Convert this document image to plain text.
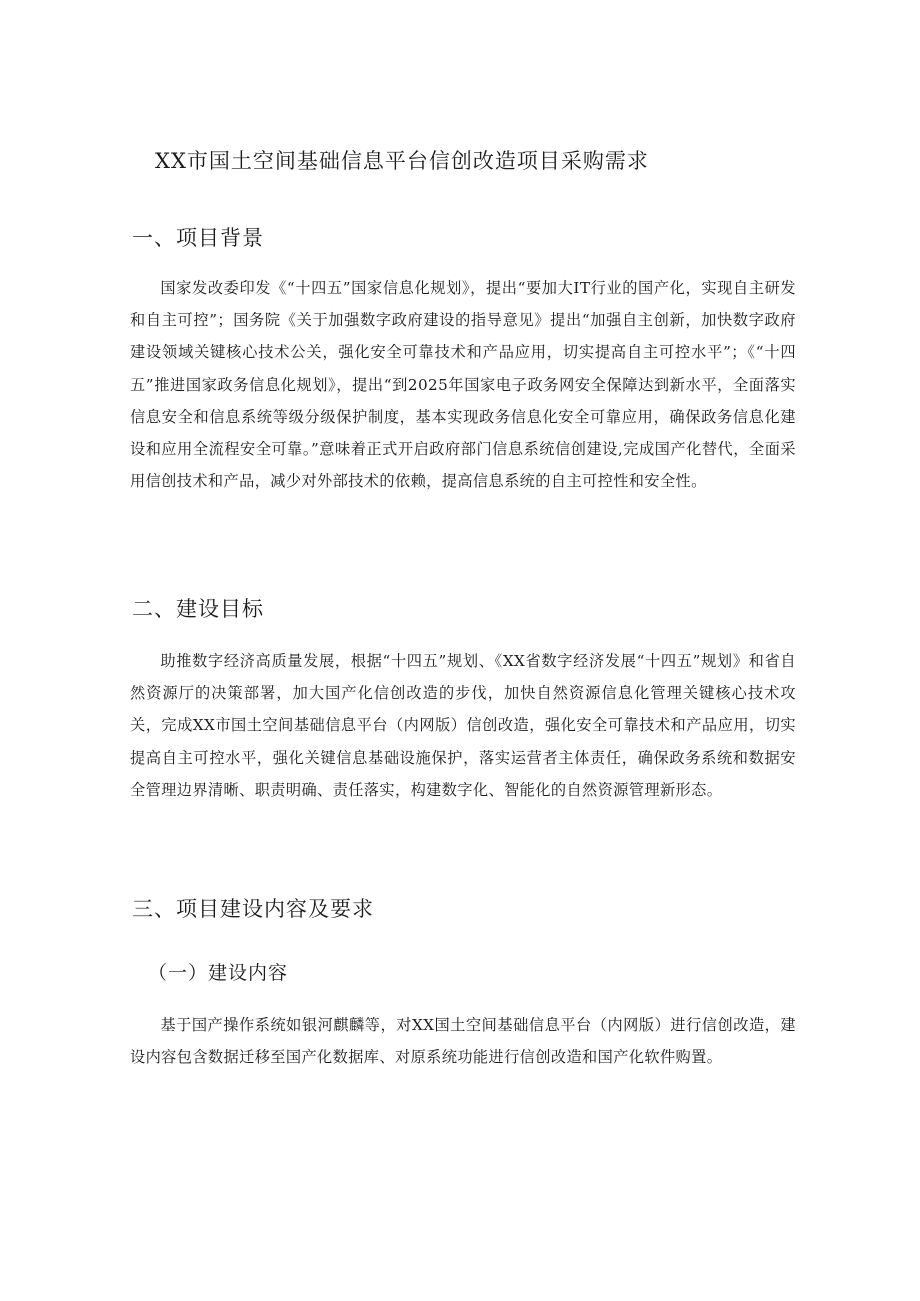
XX市国土空间基础信息平台信创改造项目采购需求
一、项目背景
国家发改委印发《“十四五”国家信息化规划》，提出“要加大IT行业的国产化，实现自主研发和自主可控”；国务院《关于加强数字政府建设的指导意见》提出“加强自主创新，加快数字政府建设领域关键核心技术公关，强化安全可靠技术和产品应用，切实提高自主可控水平”；《“十四五”推进国家政务信息化规划》，提出“到2025年国家电子政务网安全保障达到新水平，全面落实信息安全和信息系统等级分级保护制度，基本实现政务信息化安全可靠应用，确保政务信息化建设和应用全流程安全可靠。”意味着正式开启政府部门信息系统信创建设,完成国产化替代，全面采用信创技术和产品，减少对外部技术的依赖，提高信息系统的自主可控性和安全性。
二、建设目标
助推数字经济高质量发展，根据“十四五”规划、《XX省数字经济发展“十四五”规划》和省自然资源厅的决策部署，加大国产化信创改造的步伐，加快自然资源信息化管理关键核心技术攻关，完成XX市国土空间基础信息平台（内网版）信创改造，强化安全可靠技术和产品应用，切实提高自主可控水平，强化关键信息基础设施保护，落实运营者主体责任，确保政务系统和数据安全管理边界清晰、职责明确、责任落实，构建数字化、智能化的自然资源管理新形态。
三、项目建设内容及要求
（一）建设内容
基于国产操作系统如银河麒麟等，对XX国土空间基础信息平台（内网版）进行信创改造，建设内容包含数据迁移至国产化数据库、对原系统功能进行信创改造和国产化软件购置。
